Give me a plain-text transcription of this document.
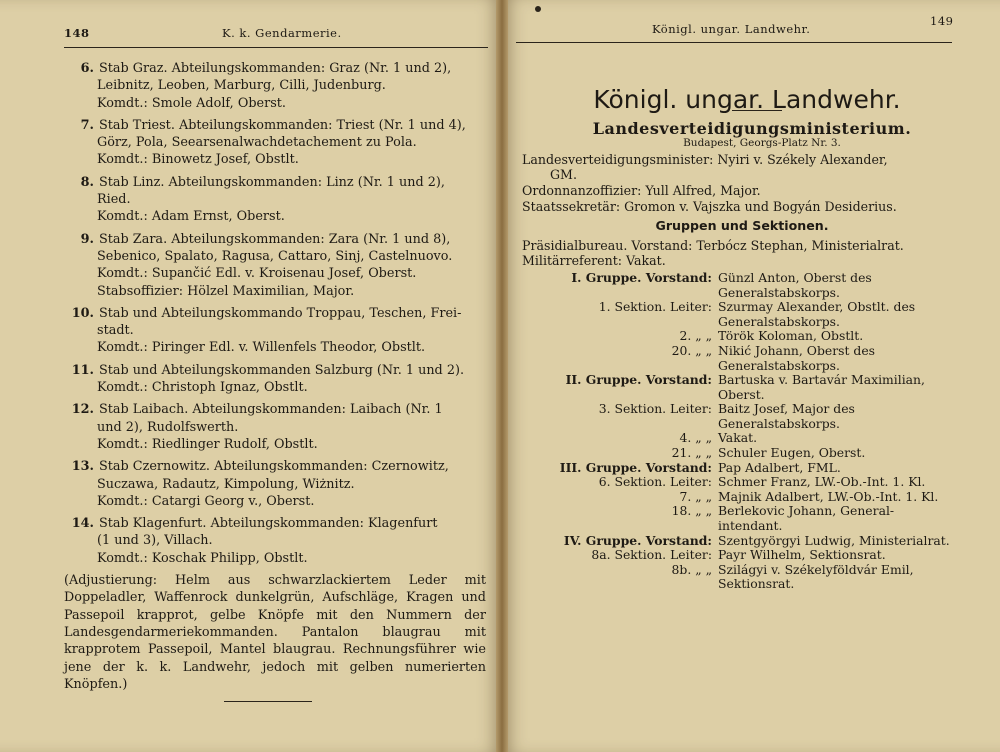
148	K. k. Gendarmerie.
6. Stab Graz. Abteilungskommanden: Graz (Nr. 1 und 2),
Leibnitz, Leoben, Marburg, Cilli, Judenburg.
Komdt.: Smole Adolf, Oberst.
7. Stab Triest. Abteilungskommanden: Triest (Nr. 1 und 4),
Görz, Pola, Seearsenalwachdetachement zu Pola.
Komdt.: Binowetz Josef, Obstlt.
8. Stab Linz. Abteilungskommanden: Linz (Nr. 1 und 2),
Ried.
Komdt.: Adam Ernst, Oberst.
9. Stab Zara. Abteilungskommanden: Zara (Nr. 1 und 8),
Sebenico, Spalato, Ragusa, Cattaro, Sinj, Castelnuovo.
Komdt.: Supančić Edl. v. Kroisenau Josef, Oberst.
Stabsoffizier: Hölzel Maximilian, Major.
10. Stab und Abteilungskommando Troppau, Teschen, Frei-
stadt.
Komdt.: Piringer Edl. v. Willenfels Theodor, Obstlt.
11. Stab und Abteilungskommanden Salzburg (Nr. 1 und 2).
Komdt.: Christoph Ignaz, Obstlt.
12. Stab Laibach. Abteilungskommanden: Laibach (Nr. 1
und 2), Rudolfswerth.
Komdt.: Riedlinger Rudolf, Obstlt.
13. Stab Czernowitz. Abteilungskommanden: Czernowitz,
Suczawa, Radautz, Kimpolung, Wiżnitz.
Komdt.: Catargi Georg v., Oberst.
14. Stab Klagenfurt. Abteilungskommanden: Klagenfurt
(1 und 3), Villach.
Komdt.: Koschak Philipp, Obstlt.
(Adjustierung: Helm aus schwarzlackiertem Leder mit Doppeladler, Waffenrock dunkelgrün, Aufschläge, Kragen und Passepoil krapprot, gelbe Knöpfe mit den Nummern der Landesgendarmeriekommanden. Pantalon blaugrau mit krapprotem Passepoil, Mantel blaugrau. Rechnungsführer wie jene der k. k. Landwehr, jedoch mit gelben numerierten Knöpfen.)
Königl. ungar. Landwehr.
149
Königl. ungar. Landwehr.
Landesverteidigungsministerium.
Budapest, Georgs-Platz Nr. 3.
Landesverteidigungsminister: Nyiri v. Székely Alexander,
GM.
Ordonnanzoffizier: Yull Alfred, Major.
Staatssekretär: Gromon v. Vajszka und Bogyán Desiderius.
Gruppen und Sektionen.
Präsidialbureau. Vorstand: Terbócz Stephan, Ministerialrat.
Militärreferent: Vakat.
I. Gruppe. Vorstand:	Günzl Anton, Oberst des Generalstabskorps.
1. Sektion. Leiter:	Szurmay Alexander, Obstlt. des Generalstabskorps.
2. „ „	Török Koloman, Obstlt.
20. „ „	Nikić Johann, Oberst des Generalstabskorps.
II. Gruppe. Vorstand:	Bartuska v. Bartavár Maximilian, Oberst.
3. Sektion. Leiter:	Baitz Josef, Major des Generalstabskorps.
4. „ „	Vakat.
21. „ „	Schuler Eugen, Oberst.
III. Gruppe. Vorstand:	Pap Adalbert, FML.
6. Sektion. Leiter:	Schmer Franz, LW.-Ob.-Int. 1. Kl.
7. „ „	Majnik Adalbert, LW.-Ob.-Int. 1. Kl.
18. „ „	Berlekovic Johann, General-intendant.
IV. Gruppe. Vorstand:	Szentgyörgyi Ludwig, Ministerialrat.
8a. Sektion. Leiter:	Payr Wilhelm, Sektionsrat.
8b. „ „	Szilágyi v. Székelyföldvár Emil, Sektionsrat.
